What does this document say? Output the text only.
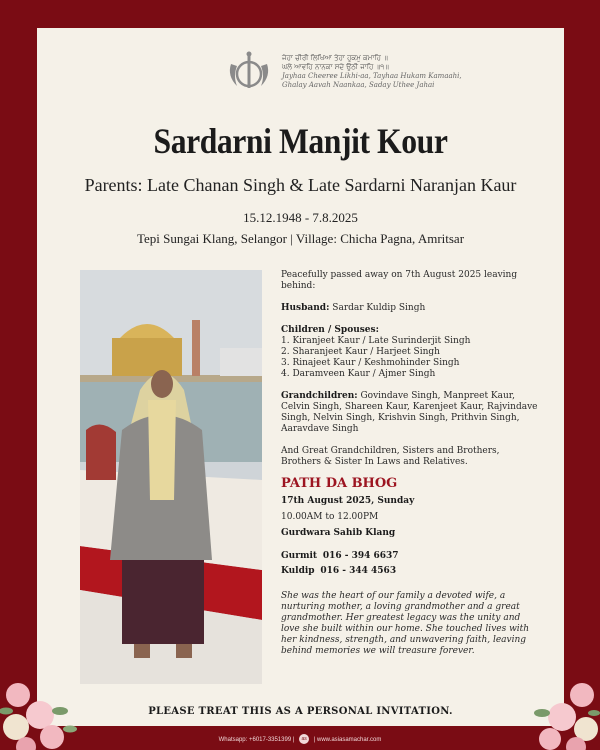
ਜੇਹਾ ਚੀਰੀ ਲਿਖਿਆ ਤੇਹਾ ਹੁਕਮੁ ਕਮਾਹਿ ॥
ਘਲੇ ਆਵਹਿ ਨਾਨਕਾ ਸਦੇ ਉਠੀ ਜਾਹਿ ॥੧॥
Jayhaa Cheeree Likhi-aa, Tayhaa Hukam Kamaahi,
Ghalay Aavah Naankaa, Saday Uthee Jahai
Sardarni Manjit Kour
Parents: Late Chanan Singh & Late Sardarni Naranjan Kaur
15.12.1948 - 7.8.2025
Tepi Sungai Klang, Selangor | Village: Chicha Pagna, Amritsar

Peacefully passed away on 7th August 2025 leaving behind:

Husband: Sardar Kuldip Singh

Children / Spouses:

1. Kiranjeet Kaur / Late Surinderjit Singh

2. Sharanjeet Kaur / Harjeet Singh

3. Rinajeet Kaur / Keshmohinder Singh

4. Daramveen Kaur / Ajmer Singh

Grandchildren: Govindave Singh, Manpreet Kaur, Celvin Singh, Shareen Kaur, Karenjeet Kaur, Rajvindave Singh, Nelvin Singh, Krishvin Singh, Prithvin Singh, Aaravdave Singh

And Great Grandchildren, Sisters and Brothers, Brothers & Sister In Laws and Relatives.

PATH DA BHOG

17th August 2025, Sunday

10.00AM to 12.00PM

Gurdwara Sahib Klang

Gurmit 016 - 394 6637

Kuldip 016 - 344 4563

She was the heart of our family a devoted wife, a nurturing mother, a loving grandmother and a great grandmother. Her greatest legacy was the unity and love she built within our home. She touched lives with her kindness, strength, and unwavering faith, leaving behind memories we will treasure forever.

PLEASE TREAT THIS AS A PERSONAL INVITATION.
Whatsapp: +6017-3351399 | as | www.asiasamachar.com
